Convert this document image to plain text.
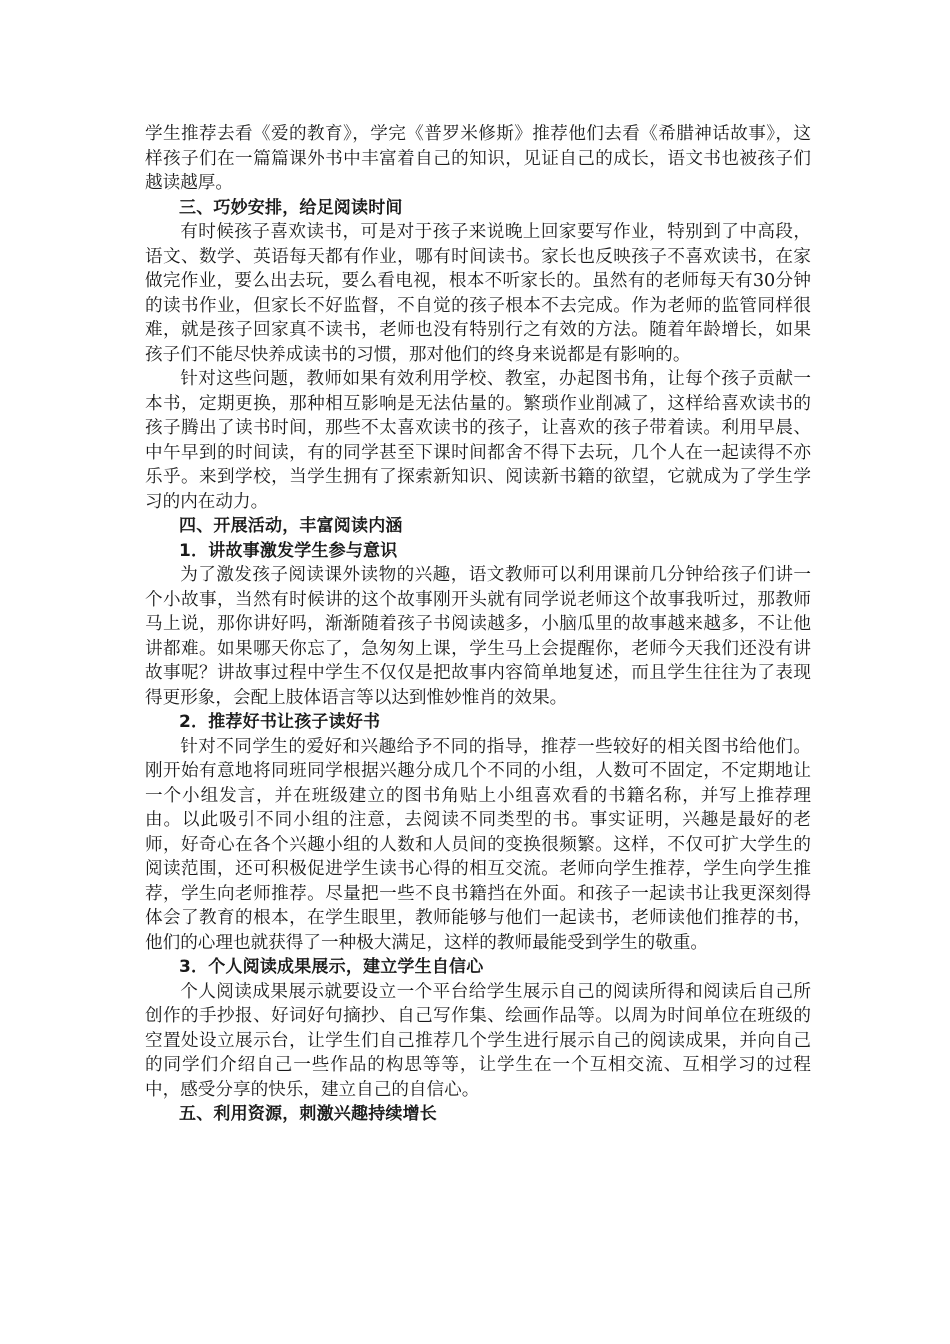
学生推荐去看《爱的教育》，学完《普罗米修斯》推荐他们去看《希腊神话故事》，这样孩子们在一篇篇课外书中丰富着自己的知识，见证自己的成长，语文书也被孩子们越读越厚。

三、巧妙安排，给足阅读时间

有时候孩子喜欢读书，可是对于孩子来说晚上回家要写作业，特别到了中高段，语文、数学、英语每天都有作业，哪有时间读书。家长也反映孩子不喜欢读书，在家做完作业，要么出去玩，要么看电视，根本不听家长的。虽然有的老师每天有30分钟的读书作业，但家长不好监督，不自觉的孩子根本不去完成。作为老师的监管同样很难，就是孩子回家真不读书，老师也没有特别行之有效的方法。随着年龄增长，如果孩子们不能尽快养成读书的习惯，那对他们的终身来说都是有影响的。

针对这些问题，教师如果有效利用学校、教室，办起图书角，让每个孩子贡献一本书，定期更换，那种相互影响是无法估量的。繁琐作业削减了，这样给喜欢读书的孩子腾出了读书时间，那些不太喜欢读书的孩子，让喜欢的孩子带着读。利用早晨、中午早到的时间读，有的同学甚至下课时间都舍不得下去玩，几个人在一起读得不亦乐乎。来到学校，当学生拥有了探索新知识、阅读新书籍的欲望，它就成为了学生学习的内在动力。

四、开展活动，丰富阅读内涵

1．讲故事激发学生参与意识

为了激发孩子阅读课外读物的兴趣，语文教师可以利用课前几分钟给孩子们讲一个小故事，当然有时候讲的这个故事刚开头就有同学说老师这个故事我听过，那教师马上说，那你讲好吗，渐渐随着孩子书阅读越多，小脑瓜里的故事越来越多，不让他讲都难。如果哪天你忘了，急匆匆上课，学生马上会提醒你，老师今天我们还没有讲故事呢？讲故事过程中学生不仅仅是把故事内容简单地复述，而且学生往往为了表现得更形象，会配上肢体语言等以达到惟妙惟肖的效果。

2．推荐好书让孩子读好书

针对不同学生的爱好和兴趣给予不同的指导，推荐一些较好的相关图书给他们。刚开始有意地将同班同学根据兴趣分成几个不同的小组，人数可不固定，不定期地让一个小组发言，并在班级建立的图书角贴上小组喜欢看的书籍名称，并写上推荐理由。以此吸引不同小组的注意，去阅读不同类型的书。事实证明，兴趣是最好的老师，好奇心在各个兴趣小组的人数和人员间的变换很频繁。这样，不仅可扩大学生的阅读范围，还可积极促进学生读书心得的相互交流。老师向学生推荐，学生向学生推荐，学生向老师推荐。尽量把一些不良书籍挡在外面。和孩子一起读书让我更深刻得体会了教育的根本，在学生眼里，教师能够与他们一起读书，老师读他们推荐的书，他们的心理也就获得了一种极大满足，这样的教师最能受到学生的敬重。

3．个人阅读成果展示，建立学生自信心

个人阅读成果展示就要设立一个平台给学生展示自己的阅读所得和阅读后自己所创作的手抄报、好词好句摘抄、自己写作集、绘画作品等。以周为时间单位在班级的空置处设立展示台，让学生们自己推荐几个学生进行展示自己的阅读成果，并向自己的同学们介绍自己一些作品的构思等等，让学生在一个互相交流、互相学习的过程中，感受分享的快乐，建立自己的自信心。

五、利用资源，刺激兴趣持续增长
